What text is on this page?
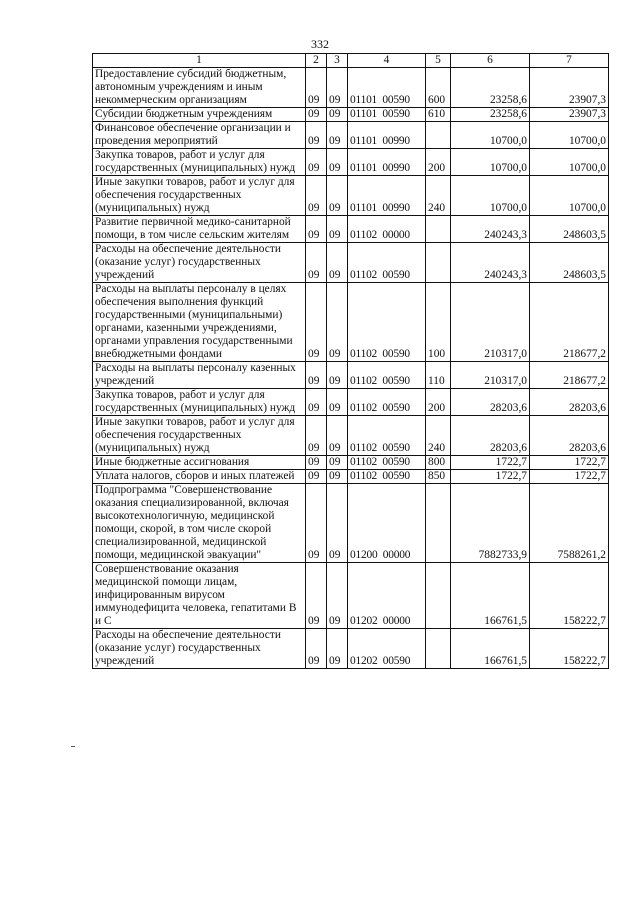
332
1	2	3	4	5	6	7
Предоставление субсидий бюджетным, автономным учреждениям и иным некоммерческим организациям	09	09	01101  00590	600	23258,6	23907,3
Субсидии бюджетным учреждениям	09	09	01101  00590	610	23258,6	23907,3
Финансовое обеспечение организации и проведения мероприятий	09	09	01101  00990		10700,0	10700,0
Закупка товаров, работ и услуг для государственных (муниципальных) нужд	09	09	01101  00990	200	10700,0	10700,0
Иные закупки товаров, работ и услуг для обеспечения государственных (муниципальных) нужд	09	09	01101  00990	240	10700,0	10700,0
Развитие первичной медико-санитарной помощи, в том числе сельским жителям	09	09	01102  00000		240243,3	248603,5
Расходы на обеспечение деятельности (оказание услуг) государственных учреждений	09	09	01102  00590		240243,3	248603,5
Расходы на выплаты персоналу в целях обеспечения выполнения функций государственными (муниципальными) органами, казенными учреждениями, органами управления государственными внебюджетными фондами	09	09	01102  00590	100	210317,0	218677,2
Расходы на выплаты персоналу казенных учреждений	09	09	01102  00590	110	210317,0	218677,2
Закупка товаров, работ и услуг для государственных (муниципальных) нужд	09	09	01102  00590	200	28203,6	28203,6
Иные закупки товаров, работ и услуг для обеспечения государственных (муниципальных) нужд	09	09	01102  00590	240	28203,6	28203,6
Иные бюджетные ассигнования	09	09	01102  00590	800	1722,7	1722,7
Уплата налогов, сборов и иных платежей	09	09	01102  00590	850	1722,7	1722,7
Подпрограмма "Совершенствование оказания специализированной, включая высокотехнологичную, медицинской помощи, скорой, в том числе скорой специализированной, медицинской помощи, медицинской эвакуации"	09	09	01200  00000		7882733,9	7588261,2
Совершенствование оказания медицинской помощи лицам, инфицированным вирусом иммунодефицита человека, гепатитами В и С	09	09	01202  00000		166761,5	158222,7
Расходы на обеспечение деятельности (оказание услуг) государственных учреждений	09	09	01202  00590		166761,5	158222,7
